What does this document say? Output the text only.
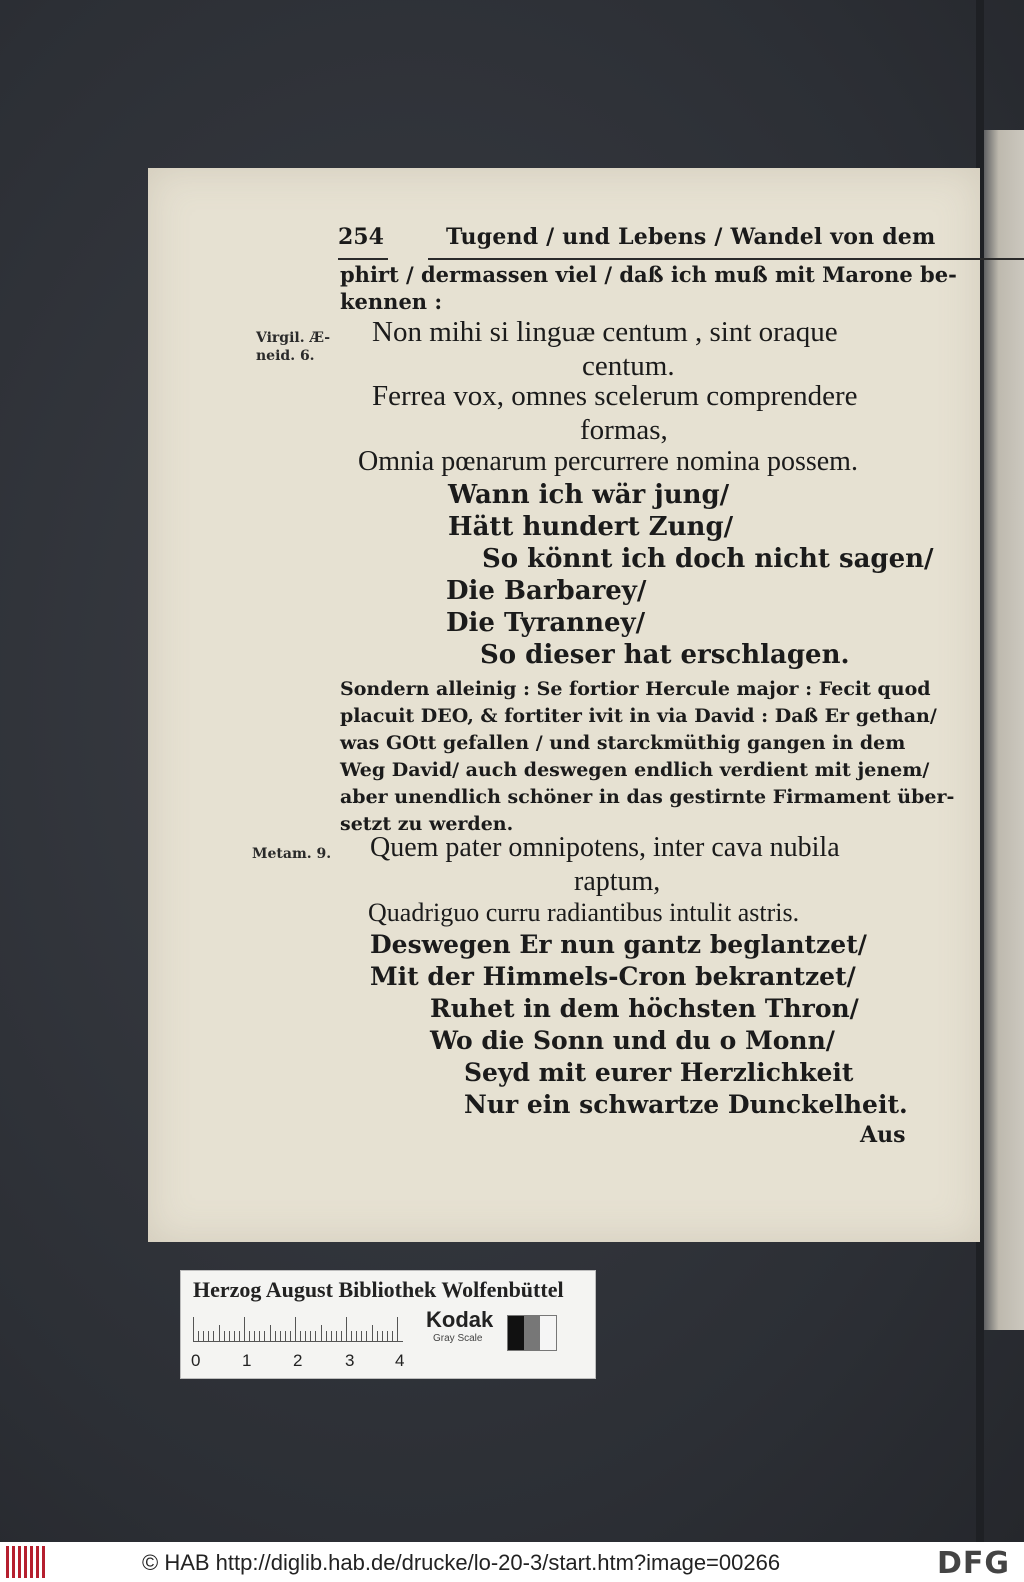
254	Tugend / und Lebens / Wandel von dem
phirt / dermassen viel / daß ich muß mit Marone be-
kennen :
Virgil. Æ-
neid. 6.
Non mihi si linguæ centum , sint oraque
centum.
Ferrea vox, omnes scelerum comprendere
formas,
Omnia pœnarum percurrere nomina possem.
Wann ich wär jung/
Hätt hundert Zung/
So könnt ich doch nicht sagen/
Die Barbarey/
Die Tyranney/
So dieser hat erschlagen.
Sondern alleinig : Se fortior Hercule major : Fecit quod
placuit DEO, & fortiter ivit in via David : Daß Er gethan/
was GOtt gefallen / und starckmüthig gangen in dem
Weg David/ auch deswegen endlich verdient mit jenem/
aber unendlich schöner in das gestirnte Firmament über-
setzt zu werden.
Metam. 9. Quem pater omnipotens, inter cava nubila
raptum,
Quadriguo curru radiantibus intulit astris.
Deswegen Er nun gantz beglantzet/
Mit der Himmels-Cron bekrantzet/
Ruhet in dem höchsten Thron/
Wo die Sonn und du o Monn/
Seyd mit eurer Herzlichkeit
Nur ein schwartze Dunckelheit.
Aus
Herzog August Bibliothek Wolfenbüttel
0 1 2	3 4
Kodak
Gray Scale
© HAB http://diglib.hab.de/drucke/lo-20-3/start.htm?image=00266	DFG
